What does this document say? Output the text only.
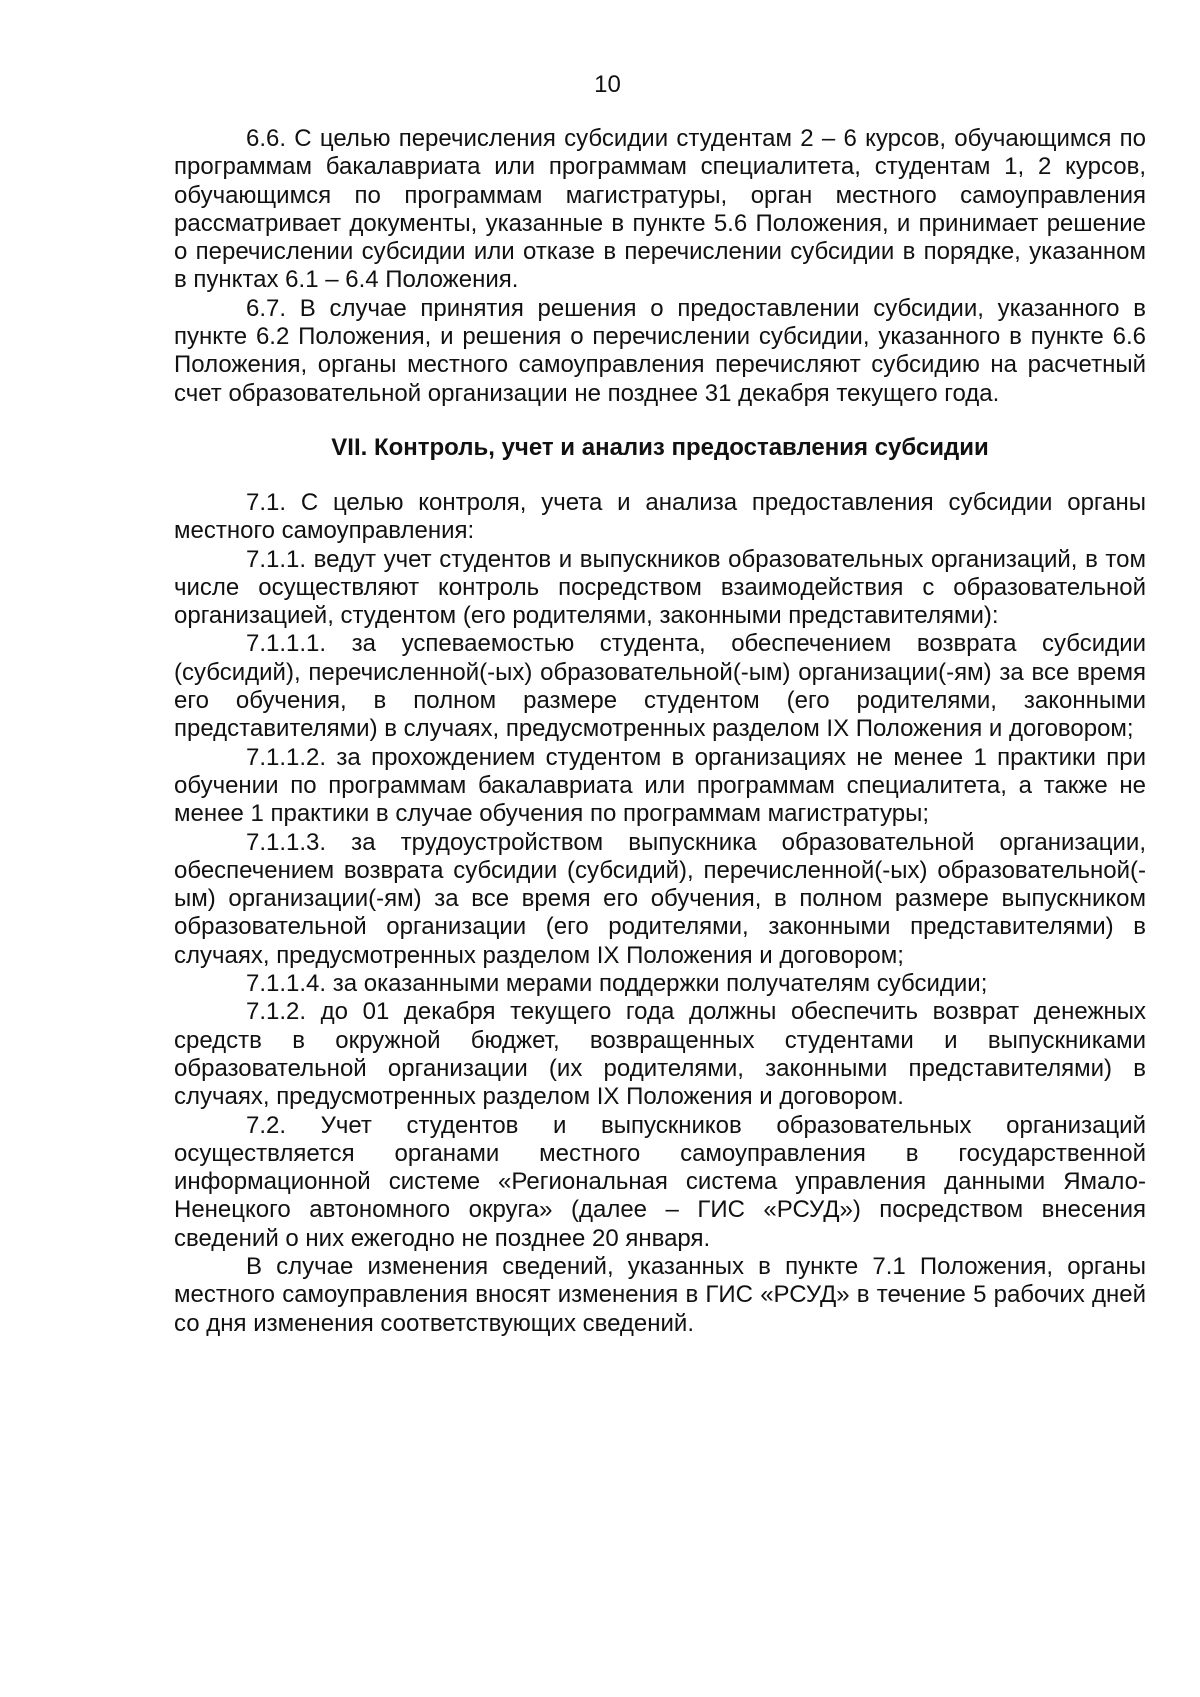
10

6.6. С целью перечисления субсидии студентам 2 – 6 курсов, обучающимся по программам бакалавриата или программам специалитета, студентам 1, 2 курсов, обучающимся по программам магистратуры, орган местного самоуправления рассматривает документы, указанные в пункте 5.6 Положения, и принимает решение о перечислении субсидии или отказе в перечислении субсидии в порядке, указанном в пунктах 6.1 – 6.4 Положения.

6.7. В случае принятия решения о предоставлении субсидии, указанного в пункте 6.2 Положения, и решения о перечислении субсидии, указанного в пункте 6.6 Положения, органы местного самоуправления перечисляют субсидию на расчетный счет образовательной организации не позднее 31 декабря текущего года.

VII. Контроль, учет и анализ предоставления субсидии

7.1. С целью контроля, учета и анализа предоставления субсидии органы местного самоуправления:

7.1.1. ведут учет студентов и выпускников образовательных организаций, в том числе осуществляют контроль посредством взаимодействия с образовательной организацией, студентом (его родителями, законными представителями):

7.1.1.1. за успеваемостью студента, обеспечением возврата субсидии (субсидий), перечисленной(-ых) образовательной(-ым) организации(-ям) за все время его обучения, в полном размере студентом (его родителями, законными представителями) в случаях, предусмотренных разделом IX Положения и договором;

7.1.1.2. за прохождением студентом в организациях не менее 1 практики при обучении по программам бакалавриата или программам специалитета, а также не менее 1 практики в случае обучения по программам магистратуры;

7.1.1.3. за трудоустройством выпускника образовательной организации, обеспечением возврата субсидии (субсидий), перечисленной(-ых) образовательной(-ым) организации(-ям) за все время его обучения, в полном размере выпускником образовательной организации (его родителями, законными представителями) в случаях, предусмотренных разделом IX Положения и договором;

7.1.1.4. за оказанными мерами поддержки получателям субсидии;

7.1.2. до 01 декабря текущего года должны обеспечить возврат денежных средств в окружной бюджет, возвращенных студентами и выпускниками образовательной организации (их родителями, законными представителями) в случаях, предусмотренных разделом IX Положения и договором.

7.2. Учет студентов и выпускников образовательных организаций осуществляется органами местного самоуправления в государственной информационной системе «Региональная система управления данными Ямало-Ненецкого автономного округа» (далее – ГИС «РСУД») посредством внесения сведений о них ежегодно не позднее 20 января.

В случае изменения сведений, указанных в пункте 7.1 Положения, органы местного самоуправления вносят изменения в ГИС «РСУД» в течение 5 рабочих дней со дня изменения соответствующих сведений.
